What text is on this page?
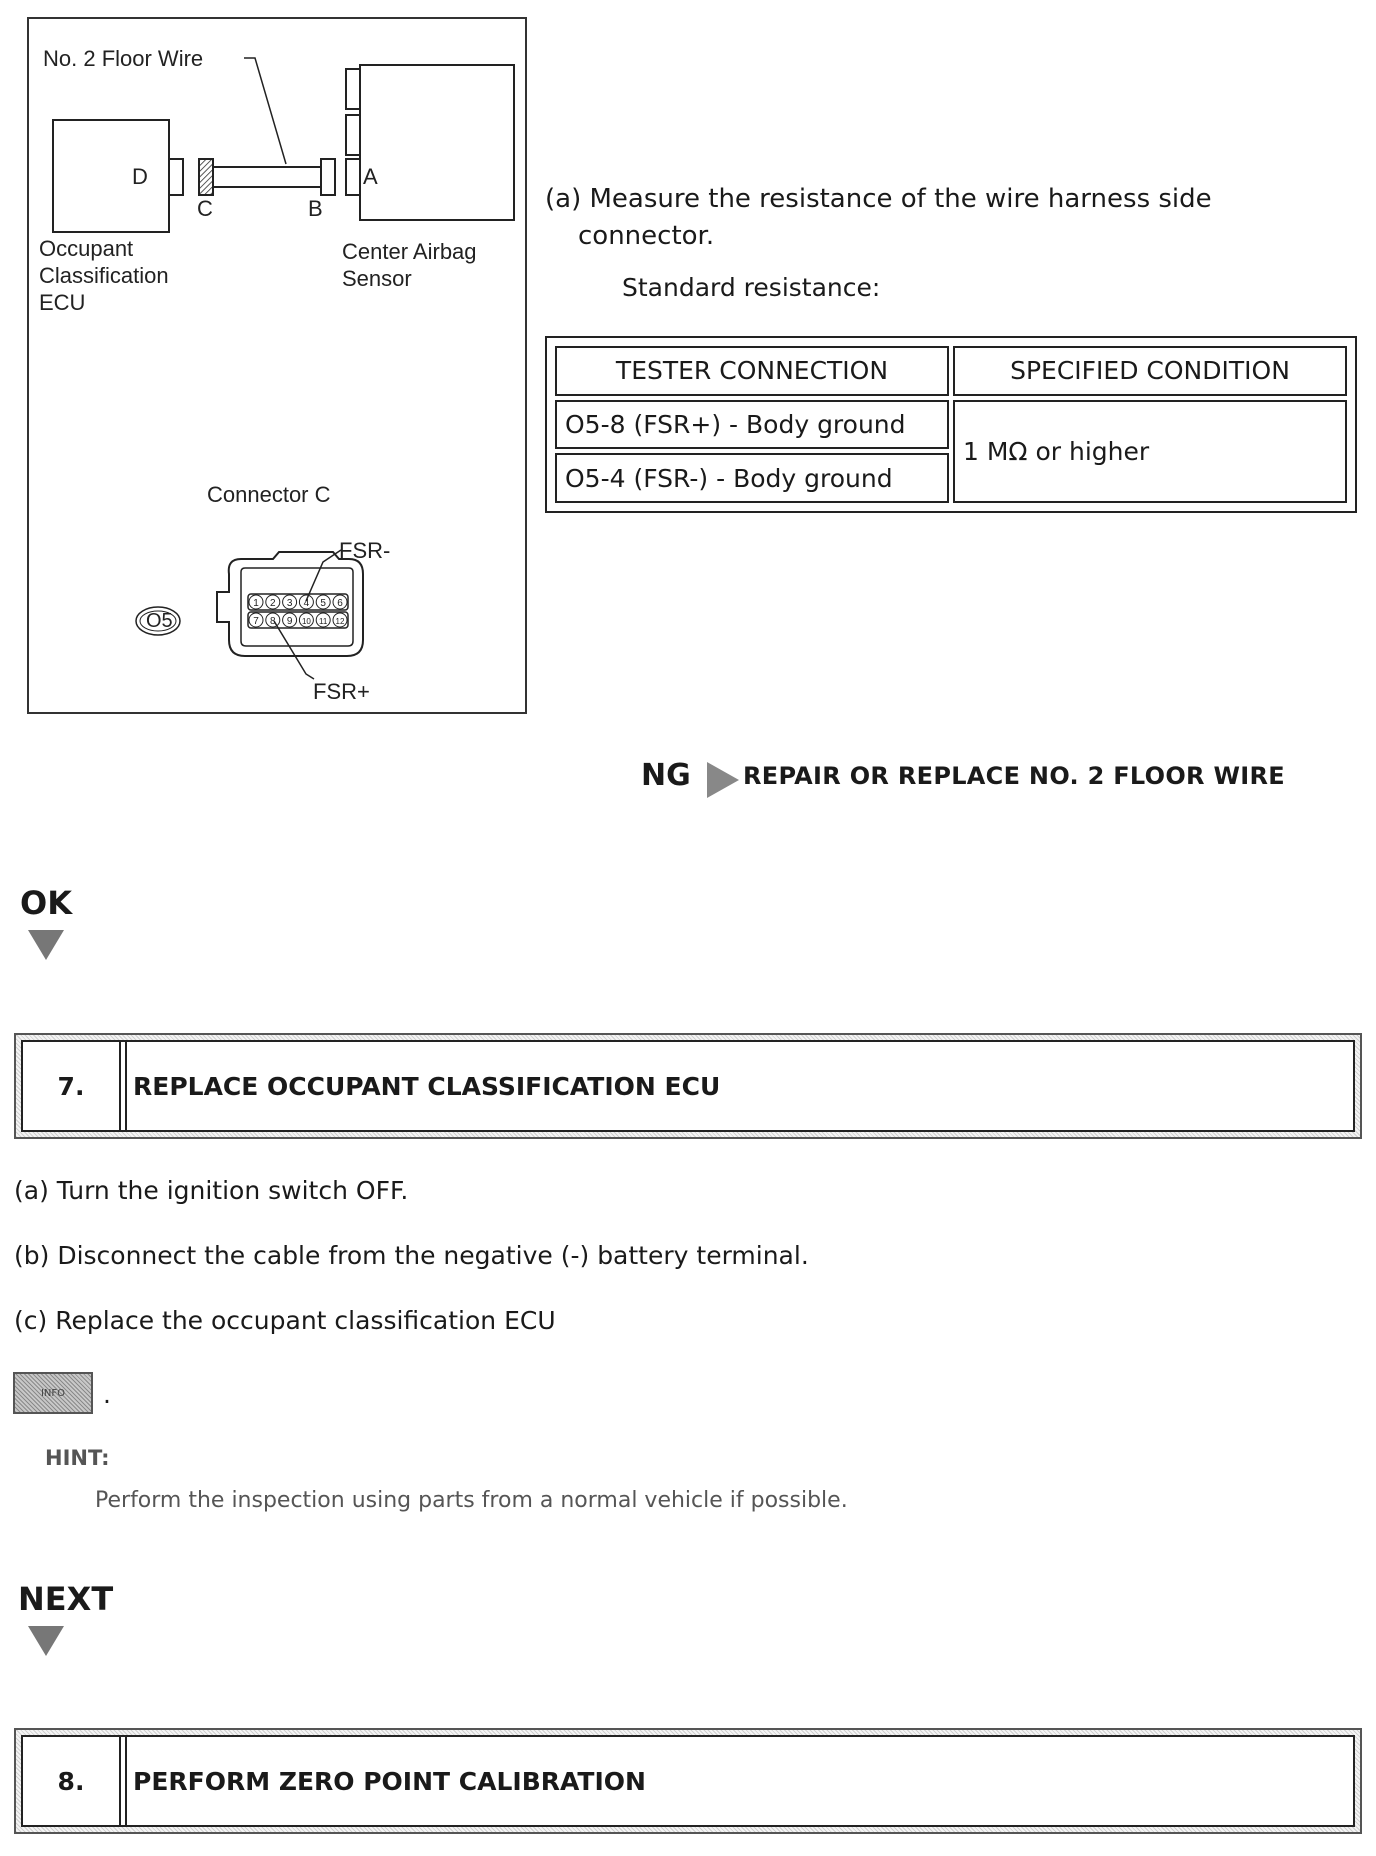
1 2 3 4 5 6
7 8 9 10 11 12
No. 2 Floor Wire
D
C	B
A
Occupant
Classification
ECU
Center Airbag
Sensor
Connector C
FSR-
FSR+
O5
(a) Measure the resistance of the wire harness side
connector.
Standard resistance:
TESTER CONNECTION	SPECIFIED CONDITION
O5-8 (FSR+) - Body ground	1 MΩ or higher
O5-4 (FSR-) - Body ground	
NG REPAIR OR REPLACE NO. 2 FLOOR WIRE
OK
7.	REPLACE OCCUPANT CLASSIFICATION ECU
(a) Turn the ignition switch OFF.
(b) Disconnect the cable from the negative (-) battery terminal.
(c) Replace the occupant classification ECU
INFO	.
HINT:
Perform the inspection using parts from a normal vehicle if possible.
NEXT
8.	PERFORM ZERO POINT CALIBRATION
